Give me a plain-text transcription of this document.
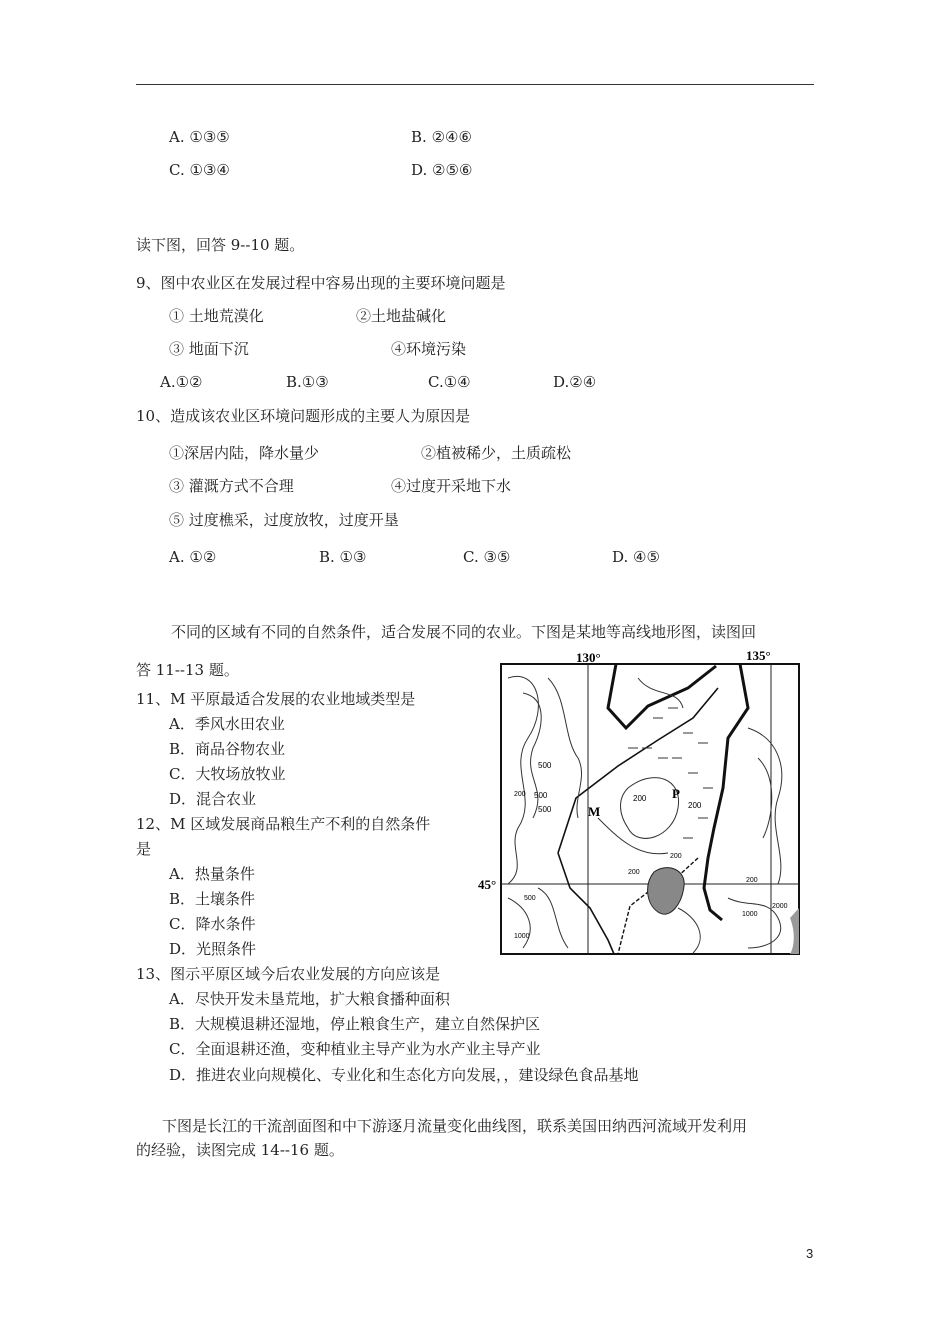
A. ①③⑤	B. ②④⑥
C. ①③④	D. ②⑤⑥
读下图，回答 9--10 题。
9、图中农业区在发展过程中容易出现的主要环境问题是
① 土地荒漠化	②土地盐碱化
③ 地面下沉	④环境污染
A.①②	B.①③	C.①④	D.②④
10、造成该农业区环境问题形成的主要人为原因是
①深居内陆，降水量少	②植被稀少，土质疏松
③ 灌溉方式不合理	④过度开采地下水
⑤ 过度樵采，过度放牧，过度开垦
A. ①②	B. ①③	C. ③⑤	D. ④⑤
不同的区域有不同的自然条件，适合发展不同的农业。下图是某地等高线地形图，读图回
答 11--13 题。
11、M 平原最适合发展的农业地域类型是
A．季风水田农业
B．商品谷物农业
C．大牧场放牧业
D．混合农业
12、M 区域发展商品粮生产不利的自然条件
是
A．热量条件
B．土壤条件
C．降水条件
D．光照条件
13、图示平原区域今后农业发展的方向应该是
A．尽快开发未垦荒地，扩大粮食播种面积
B．大规模退耕还湿地，停止粮食生产，建立自然保护区
C．全面退耕还渔，变种植业主导产业为水产业主导产业
D．推进农业向规模化、专业化和生态化方向发展，，建设绿色食品基地
130°	135°
45°
M
P
500
500
500
200	200
200
200
200
500
200
1000
1000
2000
下图是长江的干流剖面图和中下游逐月流量变化曲线图，联系美国田纳西河流域开发利用
的经验，读图完成 14--16 题。
3
